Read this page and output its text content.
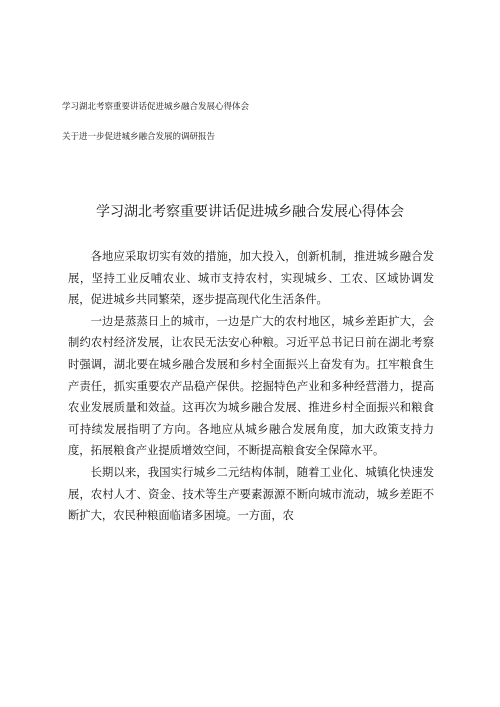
学习湖北考察重要讲话促进城乡融合发展心得体会

关于进一步促进城乡融合发展的调研报告

学习湖北考察重要讲话促进城乡融合发展心得体会

各地应采取切实有效的措施，加大投入，创新机制，推进城乡融合发展，坚持工业反哺农业、城市支持农村，实现城乡、工农、区域协调发展，促进城乡共同繁荣，逐步提高现代化生活条件。

一边是蒸蒸日上的城市，一边是广大的农村地区，城乡差距扩大，会制约农村经济发展，让农民无法安心种粮。习近平总书记日前在湖北考察时强调，湖北要在城乡融合发展和乡村全面振兴上奋发有为。扛牢粮食生产责任，抓实重要农产品稳产保供。挖掘特色产业和多种经营潜力，提高农业发展质量和效益。这再次为城乡融合发展、推进乡村全面振兴和粮食可持续发展指明了方向。各地应从城乡融合发展角度，加大政策支持力度，拓展粮食产业提质增效空间，不断提高粮食安全保障水平。

长期以来，我国实行城乡二元结构体制，随着工业化、城镇化快速发展，农村人才、资金、技术等生产要素源源不断向城市流动，城乡差距不断扩大，农民种粮面临诸多困境。一方面，农
